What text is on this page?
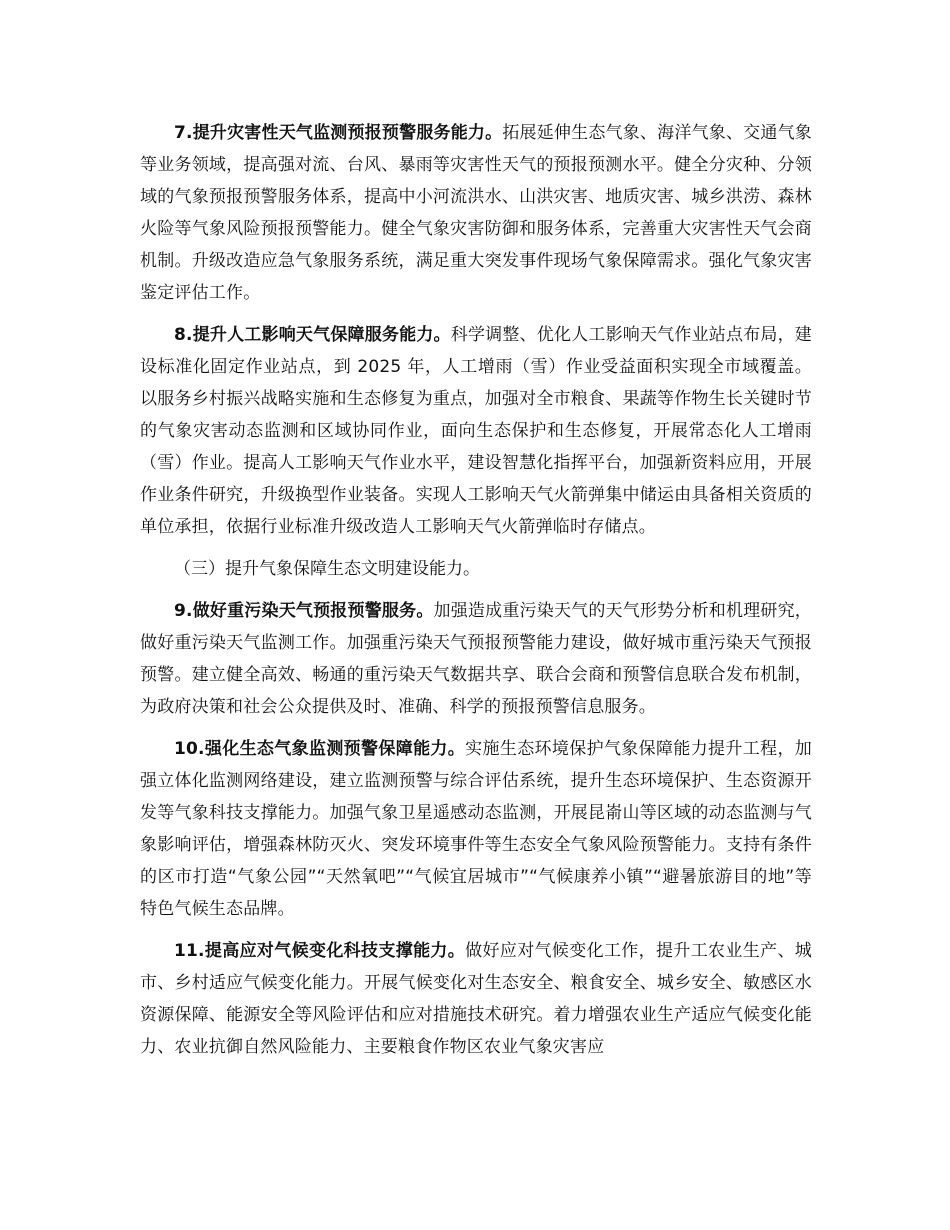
7.提升灾害性天气监测预报预警服务能力。拓展延伸生态气象、海洋气象、交通气象等业务领域，提高强对流、台风、暴雨等灾害性天气的预报预测水平。健全分灾种、分领域的气象预报预警服务体系，提高中小河流洪水、山洪灾害、地质灾害、城乡洪涝、森林火险等气象风险预报预警能力。健全气象灾害防御和服务体系，完善重大灾害性天气会商机制。升级改造应急气象服务系统，满足重大突发事件现场气象保障需求。强化气象灾害鉴定评估工作。

8.提升人工影响天气保障服务能力。科学调整、优化人工影响天气作业站点布局，建设标准化固定作业站点，到 2025 年，人工增雨（雪）作业受益面积实现全市域覆盖。以服务乡村振兴战略实施和生态修复为重点，加强对全市粮食、果蔬等作物生长关键时节的气象灾害动态监测和区域协同作业，面向生态保护和生态修复，开展常态化人工增雨（雪）作业。提高人工影响天气作业水平，建设智慧化指挥平台，加强新资料应用，开展作业条件研究，升级换型作业装备。实现人工影响天气火箭弹集中储运由具备相关资质的单位承担，依据行业标准升级改造人工影响天气火箭弹临时存储点。

（三）提升气象保障生态文明建设能力。

9.做好重污染天气预报预警服务。加强造成重污染天气的天气形势分析和机理研究，做好重污染天气监测工作。加强重污染天气预报预警能力建设，做好城市重污染天气预报预警。建立健全高效、畅通的重污染天气数据共享、联合会商和预警信息联合发布机制，为政府决策和社会公众提供及时、准确、科学的预报预警信息服务。

10.强化生态气象监测预警保障能力。实施生态环境保护气象保障能力提升工程，加强立体化监测网络建设，建立监测预警与综合评估系统，提升生态环境保护、生态资源开发等气象科技支撑能力。加强气象卫星遥感动态监测，开展昆嵛山等区域的动态监测与气象影响评估，增强森林防灭火、突发环境事件等生态安全气象风险预警能力。支持有条件的区市打造“气象公园”“天然氧吧”“气候宜居城市”“气候康养小镇”“避暑旅游目的地”等特色气候生态品牌。

11.提高应对气候变化科技支撑能力。做好应对气候变化工作，提升工农业生产、城市、乡村适应气候变化能力。开展气候变化对生态安全、粮食安全、城乡安全、敏感区水资源保障、能源安全等风险评估和应对措施技术研究。着力增强农业生产适应气候变化能力、农业抗御自然风险能力、主要粮食作物区农业气象灾害应
